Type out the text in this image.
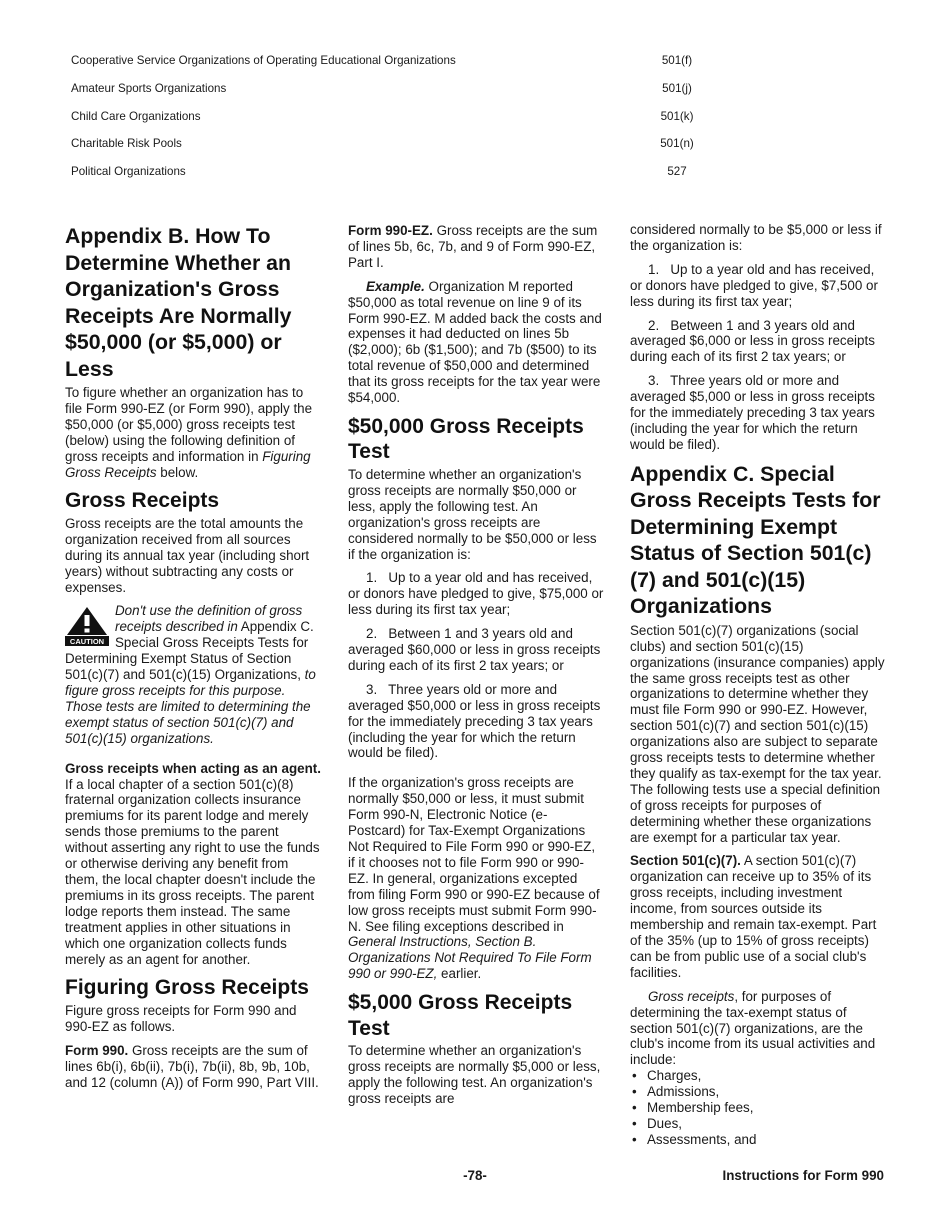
Cooperative Service Organizations of Operating Educational Organizations	501(f)
Amateur Sports Organizations	501(j)
Child Care Organizations	501(k)
Charitable Risk Pools	501(n)
Political Organizations	527
Appendix B. How To Determine Whether an Organization's Gross Receipts Are Normally $50,000 (or $5,000) or Less

To figure whether an organization has to file Form 990-EZ (or Form 990), apply the $50,000 (or $5,000) gross receipts test (below) using the following definition of gross receipts and information in Figuring Gross Receipts below.

Gross Receipts

Gross receipts are the total amounts the organization received from all sources during its annual tax year (including short years) without subtracting any costs or expenses.

CAUTION
Don't use the definition of gross receipts described in Appendix C. Special Gross Receipts Tests for Determining Exempt Status of Section 501(c)(7) and 501(c)(15) Organizations, to figure gross receipts for this purpose. Those tests are limited to determining the exempt status of section 501(c)(7) and 501(c)(15) organizations.

Gross receipts when acting as an agent. If a local chapter of a section 501(c)(8) fraternal organization collects insurance premiums for its parent lodge and merely sends those premiums to the parent without asserting any right to use the funds or otherwise deriving any benefit from them, the local chapter doesn't include the premiums in its gross receipts. The parent lodge reports them instead. The same treatment applies in other situations in which one organization collects funds merely as an agent for another.

Figuring Gross Receipts

Figure gross receipts for Form 990 and 990-EZ as follows.

Form 990. Gross receipts are the sum of lines 6b(i), 6b(ii), 7b(i), 7b(ii), 8b, 9b, 10b, and 12 (column (A)) of Form 990, Part VIII.

Form 990-EZ. Gross receipts are the sum of lines 5b, 6c, 7b, and 9 of Form 990-EZ, Part I.

Example. Organization M reported $50,000 as total revenue on line 9 of its Form 990-EZ. M added back the costs and expenses it had deducted on lines 5b ($2,000); 6b ($1,500); and 7b ($500) to its total revenue of $50,000 and determined that its gross receipts for the tax year were $54,000.

$50,000 Gross Receipts Test

To determine whether an organization's gross receipts are normally $50,000 or less, apply the following test. An organization's gross receipts are considered normally to be $50,000 or less if the organization is:

1.   Up to a year old and has received, or donors have pledged to give, $75,000 or less during its first tax year;

2.   Between 1 and 3 years old and averaged $60,000 or less in gross receipts during each of its first 2 tax years; or

3.   Three years old or more and averaged $50,000 or less in gross receipts for the immediately preceding 3 tax years (including the year for which the return would be filed).

If the organization's gross receipts are normally $50,000 or less, it must submit Form 990-N, Electronic Notice (e-Postcard) for Tax-Exempt Organizations Not Required to File Form 990 or 990-EZ, if it chooses not to file Form 990 or 990-EZ. In general, organizations excepted from filing Form 990 or 990-EZ because of low gross receipts must submit Form 990-N. See filing exceptions described in General Instructions, Section B. Organizations Not Required To File Form 990 or 990-EZ, earlier.

$5,000 Gross Receipts Test

To determine whether an organization's gross receipts are normally $5,000 or less, apply the following test. An organization's gross receipts are

considered normally to be $5,000 or less if the organization is:

1.   Up to a year old and has received, or donors have pledged to give, $7,500 or less during its first tax year;

2.   Between 1 and 3 years old and averaged $6,000 or less in gross receipts during each of its first 2 tax years; or

3.   Three years old or more and averaged $5,000 or less in gross receipts for the immediately preceding 3 tax years (including the year for which the return would be filed).

Appendix C. Special Gross Receipts Tests for Determining Exempt Status of Section 501(c)(7) and 501(c)(15) Organizations

Section 501(c)(7) organizations (social clubs) and section 501(c)(15) organizations (insurance companies) apply the same gross receipts test as other organizations to determine whether they must file Form 990 or 990-EZ. However, section 501(c)(7) and section 501(c)(15) organizations also are subject to separate gross receipts tests to determine whether they qualify as tax-exempt for the tax year. The following tests use a special definition of gross receipts for purposes of determining whether these organizations are exempt for a particular tax year.

Section 501(c)(7). A section 501(c)(7) organization can receive up to 35% of its gross receipts, including investment income, from sources outside its membership and remain tax-exempt. Part of the 35% (up to 15% of gross receipts) can be from public use of a social club's facilities.

Gross receipts, for purposes of determining the tax-exempt status of section 501(c)(7) organizations, are the club's income from its usual activities and include:

• Charges,
• Admissions,
• Membership fees,
• Dues,
• Assessments, and
-78-	Instructions for Form 990
